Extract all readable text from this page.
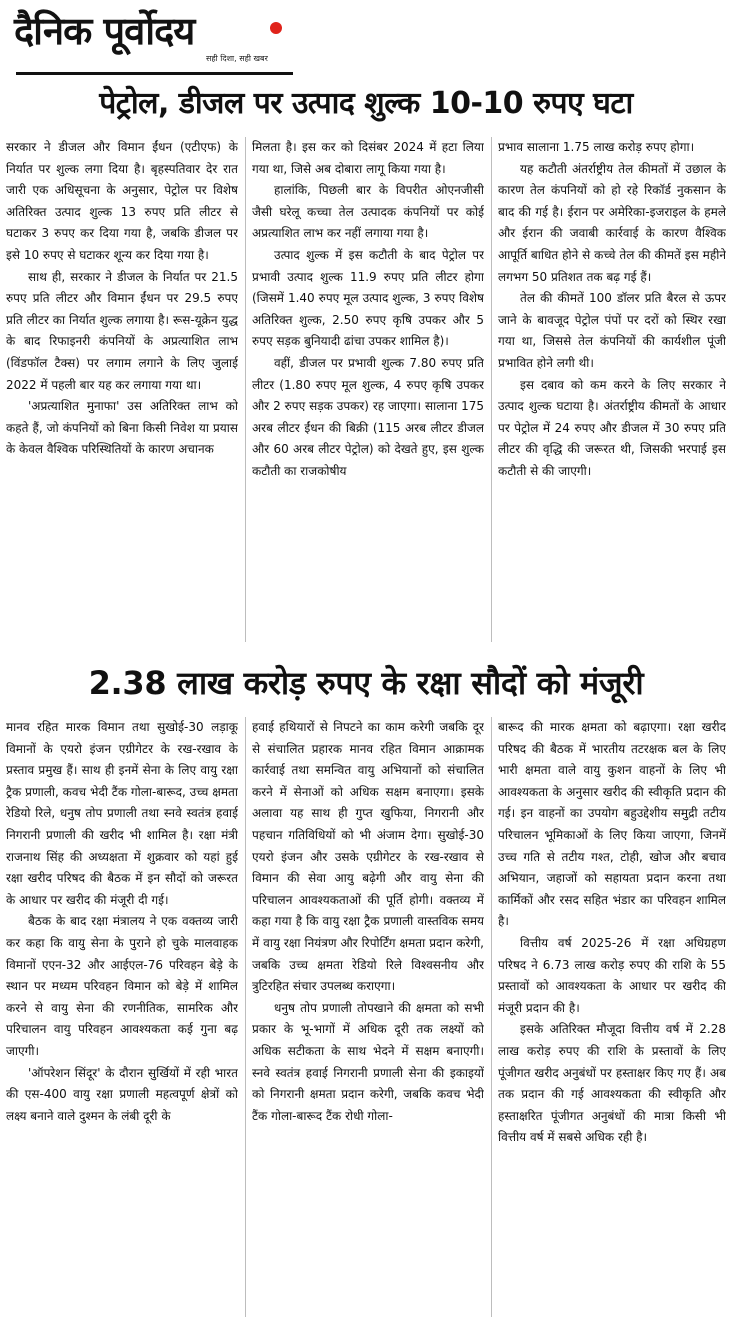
दैनिक पूर्वोदय
सही दिशा, सही खबर
पेट्रोल, डीजल पर उत्पाद शुल्क 10-10 रुपए घटा

सरकार ने डीजल और विमान ईंधन (एटीएफ) के निर्यात पर शुल्क लगा दिया है। बृहस्पतिवार देर रात जारी एक अधिसूचना के अनुसार, पेट्रोल पर विशेष अतिरिक्त उत्पाद शुल्क 13 रुपए प्रति लीटर से घटाकर 3 रुपए कर दिया गया है, जबकि डीजल पर इसे 10 रुपए से घटाकर शून्य कर दिया गया है।

साथ ही, सरकार ने डीजल के निर्यात पर 21.5 रुपए प्रति लीटर और विमान ईंधन पर 29.5 रुपए प्रति लीटर का निर्यात शुल्क लगाया है। रूस-यूक्रेन युद्ध के बाद रिफाइनरी कंपनियों के अप्रत्याशित लाभ (विंडफॉल टैक्स) पर लगाम लगाने के लिए जुलाई 2022 में पहली बार यह कर लगाया गया था।

'अप्रत्याशित मुनाफा' उस अतिरिक्त लाभ को कहते हैं, जो कंपनियों को बिना किसी निवेश या प्रयास के केवल वैश्विक परिस्थितियों के कारण अचानक

मिलता है। इस कर को दिसंबर 2024 में हटा लिया गया था, जिसे अब दोबारा लागू किया गया है।

हालांकि, पिछली बार के विपरीत ओएनजीसी जैसी घरेलू कच्चा तेल उत्पादक कंपनियों पर कोई अप्रत्याशित लाभ कर नहीं लगाया गया है।

उत्पाद शुल्क में इस कटौती के बाद पेट्रोल पर प्रभावी उत्पाद शुल्क 11.9 रुपए प्रति लीटर होगा (जिसमें 1.40 रुपए मूल उत्पाद शुल्क, 3 रुपए विशेष अतिरिक्त शुल्क, 2.50 रुपए कृषि उपकर और 5 रुपए सड़क बुनियादी ढांचा उपकर शामिल है)।

वहीं, डीजल पर प्रभावी शुल्क 7.80 रुपए प्रति लीटर (1.80 रुपए मूल शुल्क, 4 रुपए कृषि उपकर और 2 रुपए सड़क उपकर) रह जाएगा। सालाना 175 अरब लीटर ईंधन की बिक्री (115 अरब लीटर डीजल और 60 अरब लीटर पेट्रोल) को देखते हुए, इस शुल्क कटौती का राजकोषीय

प्रभाव सालाना 1.75 लाख करोड़ रुपए होगा।

यह कटौती अंतर्राष्ट्रीय तेल कीमतों में उछाल के कारण तेल कंपनियों को हो रहे रिकॉर्ड नुकसान के बाद की गई है। ईरान पर अमेरिका-इजराइल के हमले और ईरान की जवाबी कार्रवाई के कारण वैश्विक आपूर्ति बाधित होने से कच्चे तेल की कीमतें इस महीने लगभग 50 प्रतिशत तक बढ़ गई हैं।

तेल की कीमतें 100 डॉलर प्रति बैरल से ऊपर जाने के बावजूद पेट्रोल पंपों पर दरों को स्थिर रखा गया था, जिससे तेल कंपनियों की कार्यशील पूंजी प्रभावित होने लगी थी।

इस दबाव को कम करने के लिए सरकार ने उत्पाद शुल्क घटाया है। अंतर्राष्ट्रीय कीमतों के आधार पर पेट्रोल में 24 रुपए और डीजल में 30 रुपए प्रति लीटर की वृद्धि की जरूरत थी, जिसकी भरपाई इस कटौती से की जाएगी।

2.38 लाख करोड़ रुपए के रक्षा सौदों को मंजूरी

मानव रहित मारक विमान तथा सुखोई-30 लड़ाकू विमानों के एयरो इंजन एग्रीगेटर के रख-रखाव के प्रस्ताव प्रमुख हैं। साथ ही इनमें सेना के लिए वायु रक्षा ट्रैक प्रणाली, कवच भेदी टैंक गोला-बारूद, उच्च क्षमता रेडियो रिले, धनुष तोप प्रणाली तथा स्नवे स्वतंत्र हवाई निगरानी प्रणाली की खरीद भी शामिल है। रक्षा मंत्री राजनाथ सिंह की अध्यक्षता में शुक्रवार को यहां हुई रक्षा खरीद परिषद की बैठक में इन सौदों को जरूरत के आधार पर खरीद की मंजूरी दी गई।

बैठक के बाद रक्षा मंत्रालय ने एक वक्तव्य जारी कर कहा कि वायु सेना के पुराने हो चुके मालवाहक विमानों एएन-32 और आईएल-76 परिवहन बेड़े के स्थान पर मध्यम परिवहन विमान को बेड़े में शामिल करने से वायु सेना की रणनीतिक, सामरिक और परिचालन वायु परिवहन आवश्यकता कई गुना बढ़ जाएगी।

'ऑपरेशन सिंदूर' के दौरान सुर्खियों में रही भारत की एस-400 वायु रक्षा प्रणाली महत्वपूर्ण क्षेत्रों को लक्ष्य बनाने वाले दुश्मन के लंबी दूरी के

हवाई हथियारों से निपटने का काम करेगी जबकि दूर से संचालित प्रहारक मानव रहित विमान आक्रामक कार्रवाई तथा समन्वित वायु अभियानों को संचालित करने में सेनाओं को अधिक सक्षम बनाएगा। इसके अलावा यह साथ ही गुप्त खुफिया, निगरानी और पहचान गतिविधियों को भी अंजाम देगा। सुखोई-30 एयरो इंजन और उसके एग्रीगेटर के रख-रखाव से विमान की सेवा आयु बढ़ेगी और वायु सेना की परिचालन आवश्यकताओं की पूर्ति होगी। वक्तव्य में कहा गया है कि वायु रक्षा ट्रैक प्रणाली वास्तविक समय में वायु रक्षा नियंत्रण और रिपोर्टिंग क्षमता प्रदान करेगी, जबकि उच्च क्षमता रेडियो रिले विश्वसनीय और त्रुटिरहित संचार उपलब्ध कराएगा।

धनुष तोप प्रणाली तोपखाने की क्षमता को सभी प्रकार के भू-भागों में अधिक दूरी तक लक्ष्यों को अधिक सटीकता के साथ भेदने में सक्षम बनाएगी। स्नवे स्वतंत्र हवाई निगरानी प्रणाली सेना की इकाइयों को निगरानी क्षमता प्रदान करेगी, जबकि कवच भेदी टैंक गोला-बारूद टैंक रोधी गोला-

बारूद की मारक क्षमता को बढ़ाएगा। रक्षा खरीद परिषद की बैठक में भारतीय तटरक्षक बल के लिए भारी क्षमता वाले वायु कुशन वाहनों के लिए भी आवश्यकता के अनुसार खरीद की स्वीकृति प्रदान की गई। इन वाहनों का उपयोग बहुउद्देशीय समुद्री तटीय परिचालन भूमिकाओं के लिए किया जाएगा, जिनमें उच्च गति से तटीय गश्त, टोही, खोज और बचाव अभियान, जहाजों को सहायता प्रदान करना तथा कार्मिकों और रसद सहित भंडार का परिवहन शामिल है।

वित्तीय वर्ष 2025-26 में रक्षा अधिग्रहण परिषद ने 6.73 लाख करोड़ रुपए की राशि के 55 प्रस्तावों को आवश्यकता के आधार पर खरीद की मंजूरी प्रदान की है।

इसके अतिरिक्त मौजूदा वित्तीय वर्ष में 2.28 लाख करोड़ रुपए की राशि के प्रस्तावों के लिए पूंजीगत खरीद अनुबंधों पर हस्ताक्षर किए गए हैं। अब तक प्रदान की गई आवश्यकता की स्वीकृति और हस्ताक्षरित पूंजीगत अनुबंधों की मात्रा किसी भी वित्तीय वर्ष में सबसे अधिक रही है।
